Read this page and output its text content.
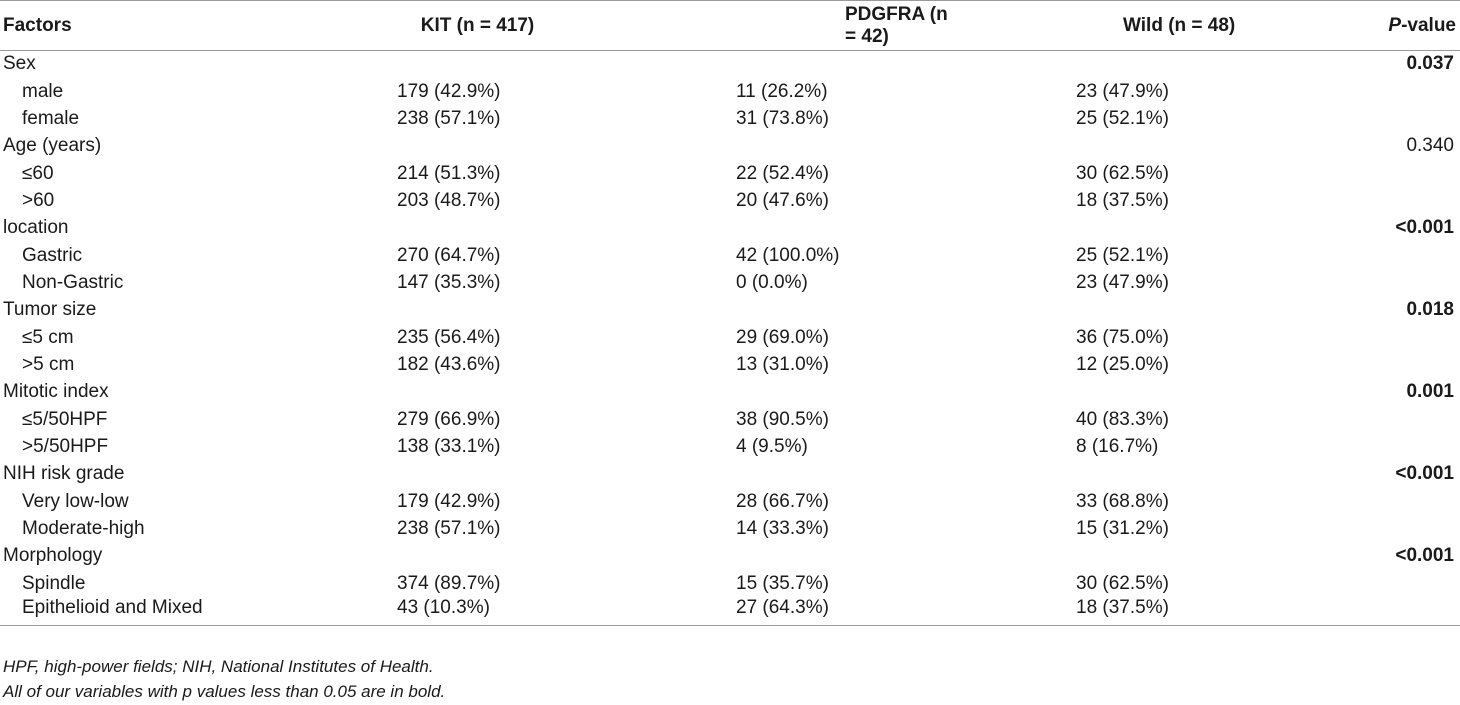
Factors	KIT (n = 417)	PDGFRA (n = 42)	Wild (n = 48)	P-value
Sex				0.037
male	179 (42.9%)	11 (26.2%)	23 (47.9%)	
female	238 (57.1%)	31 (73.8%)	25 (52.1%)	
Age (years)				0.340
≤60	214 (51.3%)	22 (52.4%)	30 (62.5%)	
>60	203 (48.7%)	20 (47.6%)	18 (37.5%)	
location				<0.001
Gastric	270 (64.7%)	42 (100.0%)	25 (52.1%)	
Non-Gastric	147 (35.3%)	0 (0.0%)	23 (47.9%)	
Tumor size				0.018
≤5 cm	235 (56.4%)	29 (69.0%)	36 (75.0%)	
>5 cm	182 (43.6%)	13 (31.0%)	12 (25.0%)	
Mitotic index				0.001
≤5/50HPF	279 (66.9%)	38 (90.5%)	40 (83.3%)	
>5/50HPF	138 (33.1%)	4 (9.5%)	8 (16.7%)	
NIH risk grade				<0.001
Very low-low	179 (42.9%)	28 (66.7%)	33 (68.8%)	
Moderate-high	238 (57.1%)	14 (33.3%)	15 (31.2%)	
Morphology				<0.001
Spindle	374 (89.7%)	15 (35.7%)	30 (62.5%)	
Epithelioid and Mixed	43 (10.3%)	27 (64.3%)	18 (37.5%)	
HPF, high-power fields; NIH, National Institutes of Health.
All of our variables with p values less than 0.05 are in bold.
